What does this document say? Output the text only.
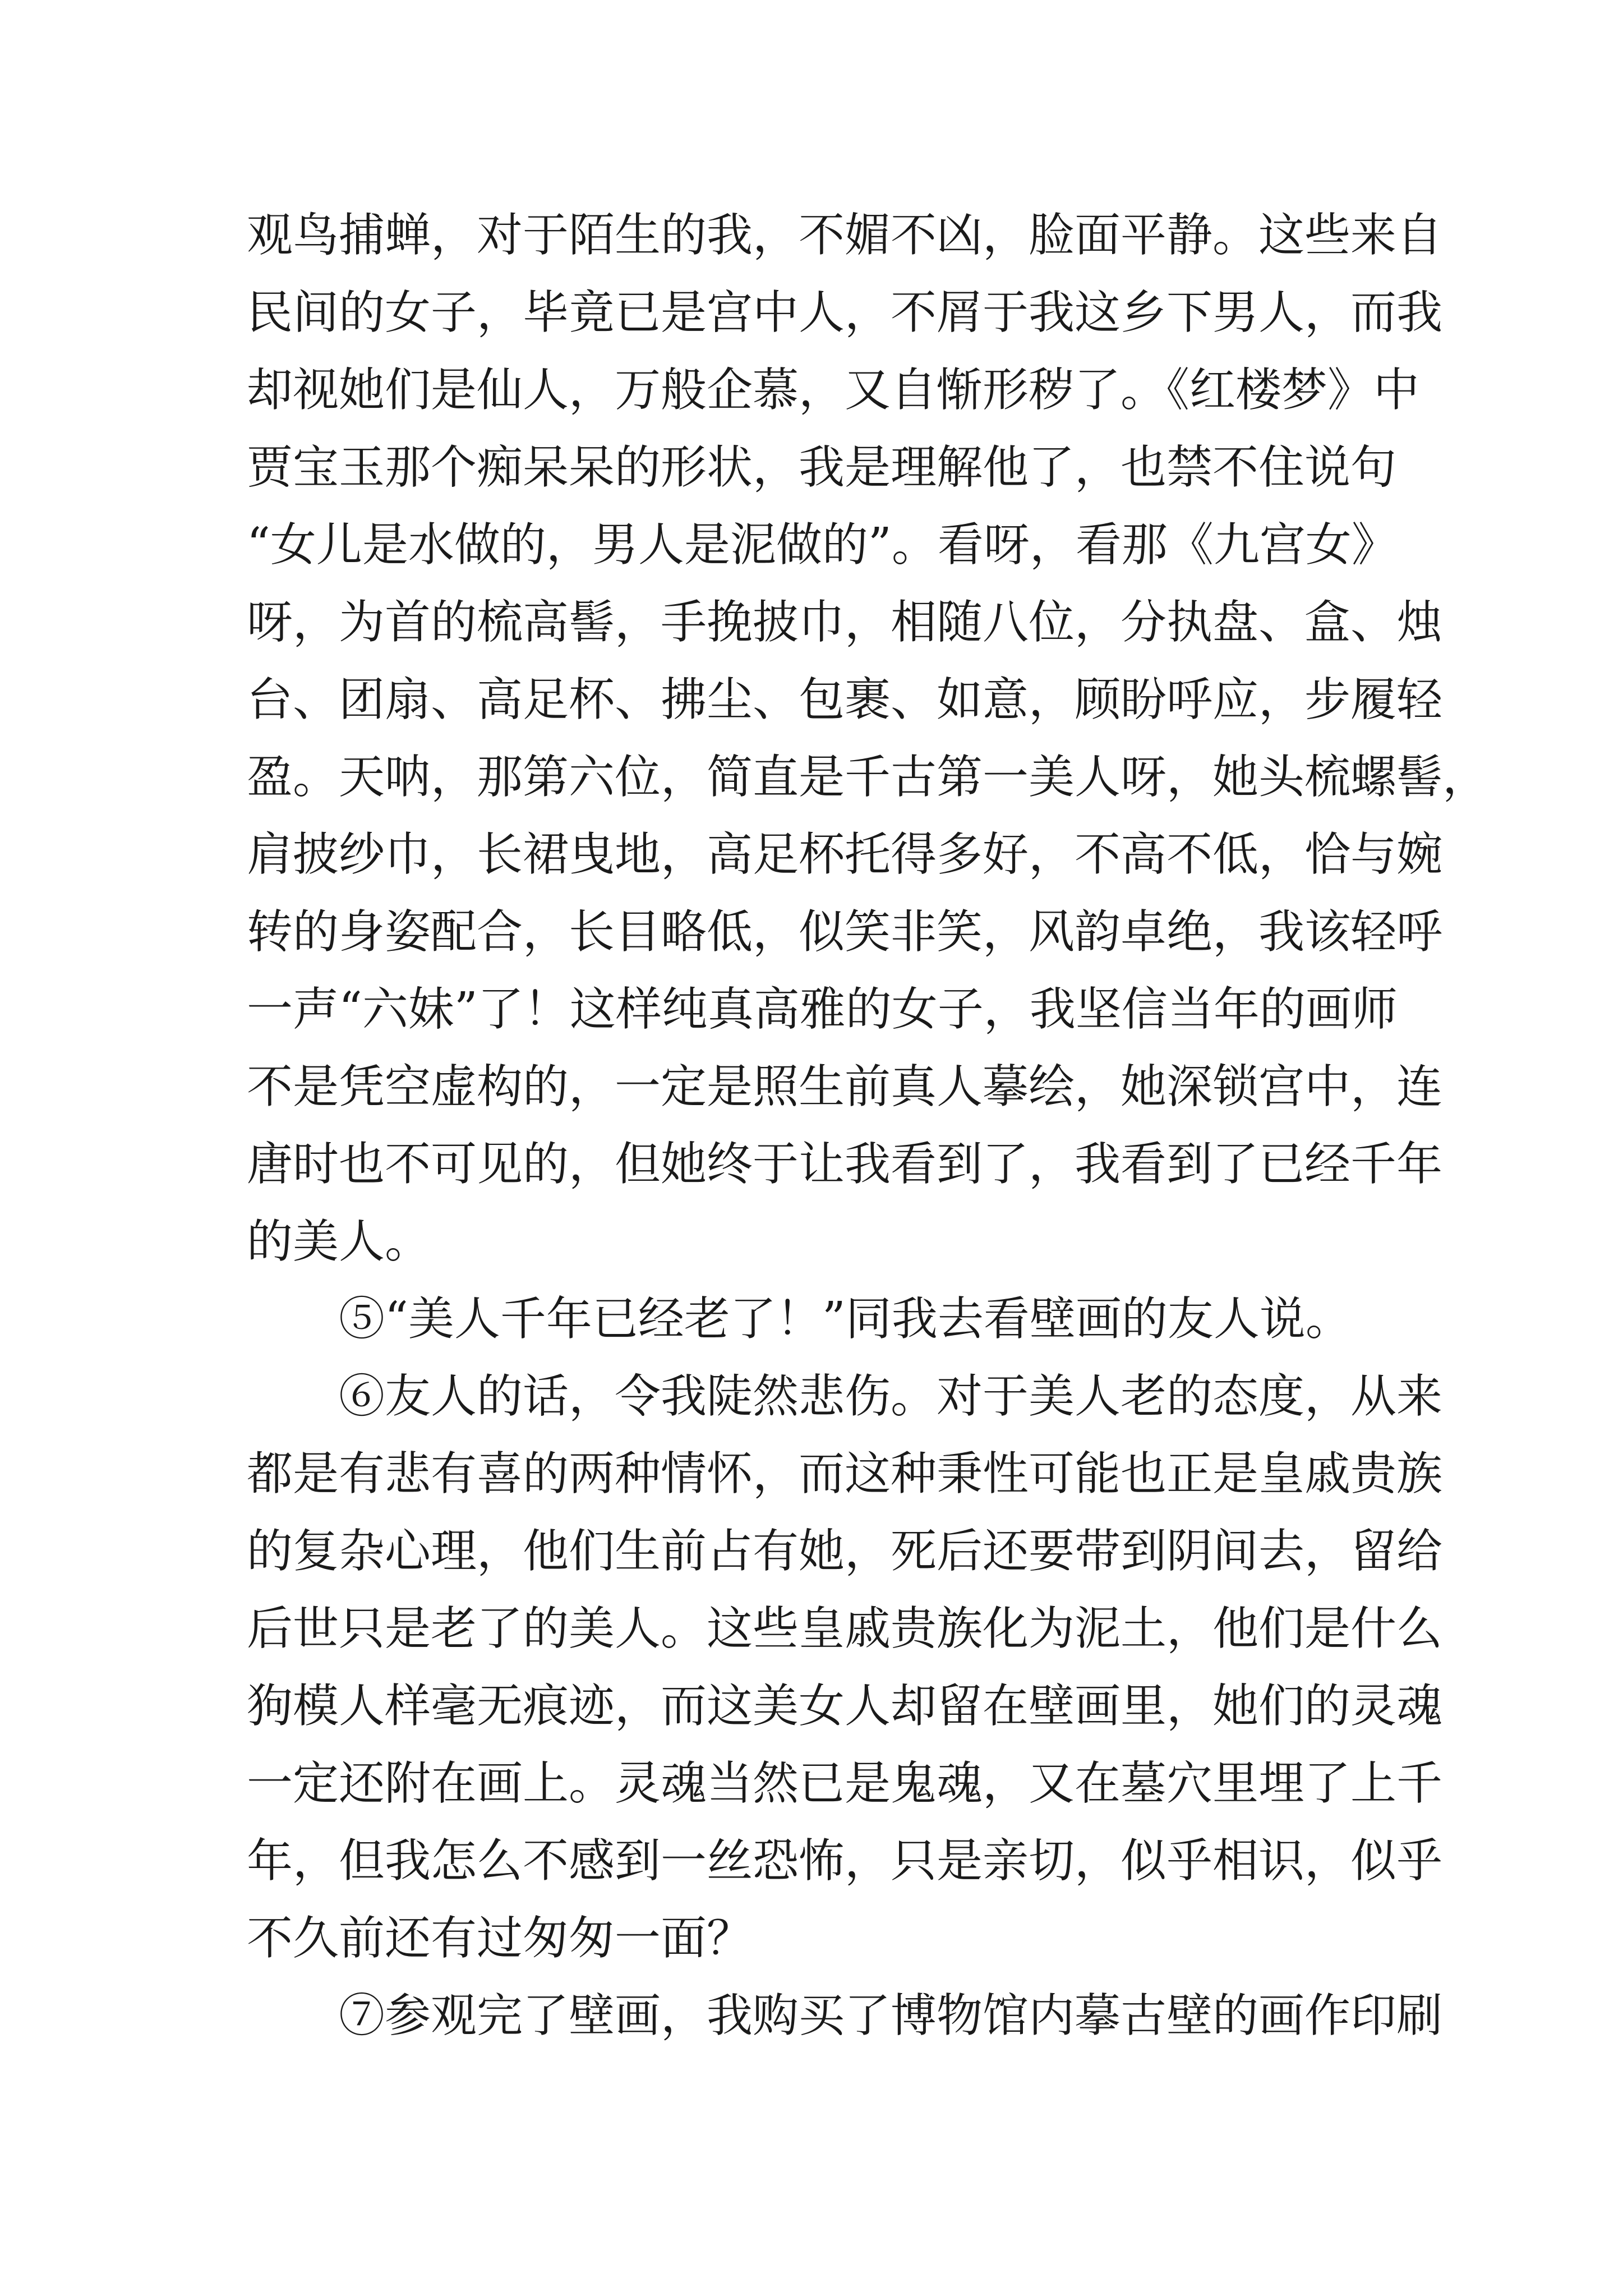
观鸟捕蝉，对于陌生的我，不媚不凶，脸面平静。这些来自
民间的女子，毕竟已是宫中人，不屑于我这乡下男人，而我
却视她们是仙人，万般企慕，又自惭形秽了。《红楼梦》中
贾宝玉那个痴呆呆的形状，我是理解他了，也禁不住说句
“女儿是水做的，男人是泥做的”。看呀，看那《九宫女》
呀，为首的梳高髻，手挽披巾，相随八位，分执盘、盒、烛
台、团扇、高足杯、拂尘、包裹、如意，顾盼呼应，步履轻
盈。天呐，那第六位，简直是千古第一美人呀，她头梳螺髻，
肩披纱巾，长裙曳地，高足杯托得多好，不高不低，恰与婉
转的身姿配合，长目略低，似笑非笑，风韵卓绝，我该轻呼
一声“六妹”了！这样纯真高雅的女子，我坚信当年的画师
不是凭空虚构的，一定是照生前真人摹绘，她深锁宫中，连
唐时也不可见的，但她终于让我看到了，我看到了已经千年
的美人。
⑤“美人千年已经老了！”同我去看壁画的友人说。
⑥友人的话，令我陡然悲伤。对于美人老的态度，从来
都是有悲有喜的两种情怀，而这种秉性可能也正是皇戚贵族
的复杂心理，他们生前占有她，死后还要带到阴间去，留给
后世只是老了的美人。这些皇戚贵族化为泥土，他们是什么
狗模人样毫无痕迹，而这美女人却留在壁画里，她们的灵魂
一定还附在画上。灵魂当然已是鬼魂，又在墓穴里埋了上千
年，但我怎么不感到一丝恐怖，只是亲切，似乎相识，似乎
不久前还有过匆匆一面？
⑦参观完了壁画，我购买了博物馆内摹古壁的画作印刷
